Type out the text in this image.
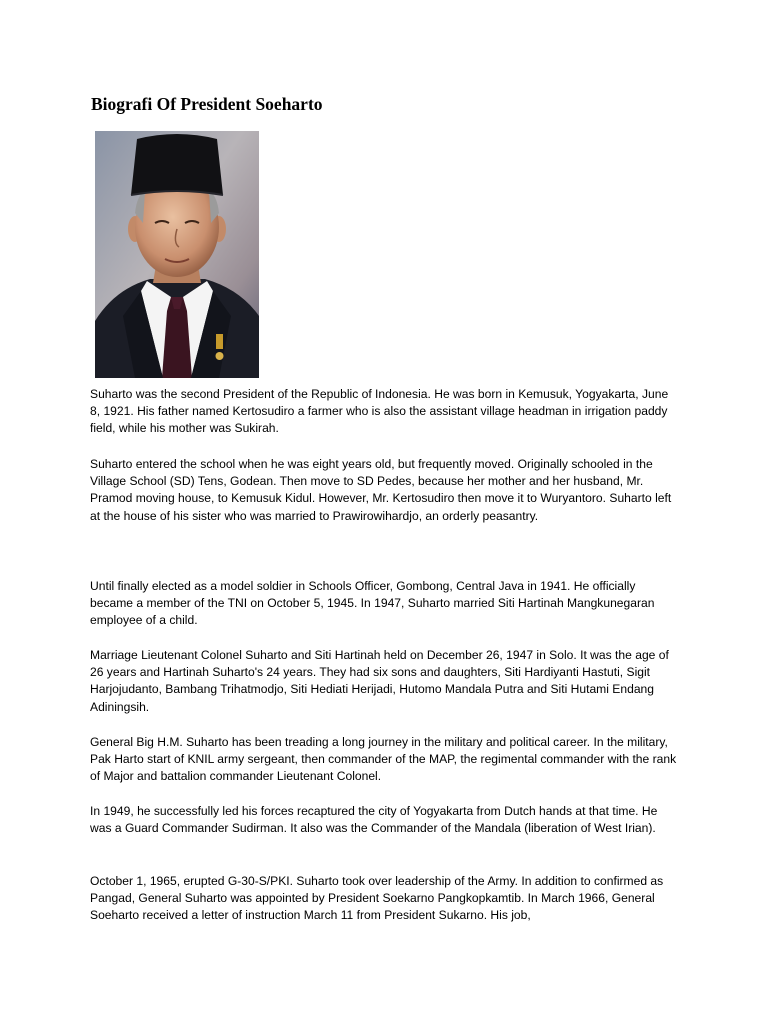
Biografi Of President Soeharto

Suharto was the second President of the Republic of Indonesia. He was born in Kemusuk, Yogyakarta, June 8, 1921. His father named Kertosudiro a farmer who is also the assistant village headman in irrigation paddy field, while his mother was Sukirah.

Suharto entered the school when he was eight years old, but frequently moved. Originally schooled in the Village School (SD) Tens, Godean. Then move to SD Pedes, because her mother and her husband, Mr. Pramod moving house, to Kemusuk Kidul. However, Mr. Kertosudiro then move it to Wuryantoro. Suharto left at the house of his sister who was married to Prawirowihardjo, an orderly peasantry.

Until finally elected as a model soldier in Schools Officer, Gombong, Central Java in 1941. He officially became a member of the TNI on October 5, 1945. In 1947, Suharto married Siti Hartinah Mangkunegaran employee of a child.

Marriage Lieutenant Colonel Suharto and Siti Hartinah held on December 26, 1947 in Solo. It was the age of 26 years and Hartinah Suharto's 24 years. They had six sons and daughters, Siti Hardiyanti Hastuti, Sigit Harjojudanto, Bambang Trihatmodjo, Siti Hediati Herijadi, Hutomo Mandala Putra and Siti Hutami Endang Adiningsih.

General Big H.M. Suharto has been treading a long journey in the military and political career. In the military, Pak Harto start of KNIL army sergeant, then commander of the MAP, the regimental commander with the rank of Major and battalion commander Lieutenant Colonel.

In 1949, he successfully led his forces recaptured the city of Yogyakarta from Dutch hands at that time. He was a Guard Commander Sudirman. It also was the Commander of the Mandala (liberation of West Irian).

October 1, 1965, erupted G-30-S/PKI. Suharto took over leadership of the Army. In addition to confirmed as Pangad, General Suharto was appointed by President Soekarno Pangkopkamtib. In March 1966, General Soeharto received a letter of instruction March 11 from President Sukarno. His job,
